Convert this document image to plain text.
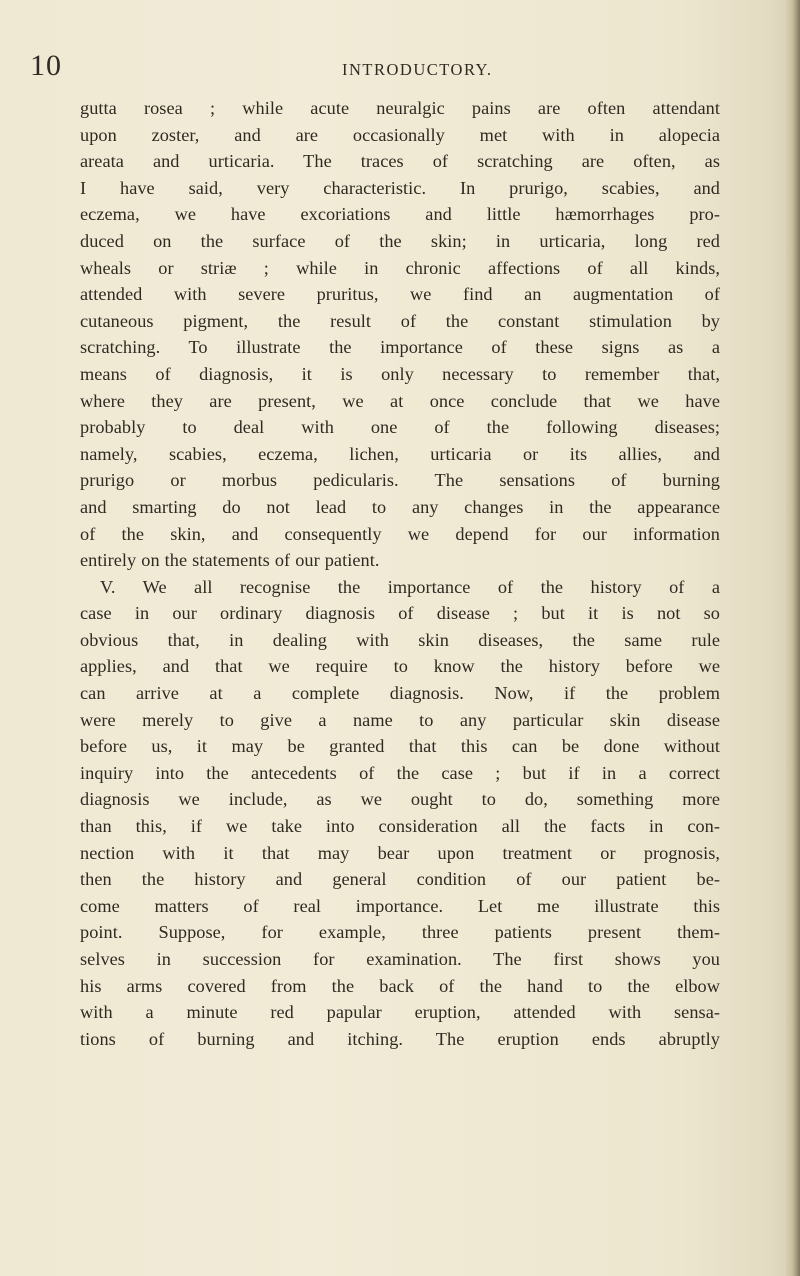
10	INTRODUCTORY.
gutta rosea ; while acute neuralgic pains are often attendant
upon zoster, and are occasionally met with in alopecia
areata and urticaria. The traces of scratching are often, as
I have said, very characteristic. In prurigo, scabies, and
eczema, we have excoriations and little hæmorrhages pro-
duced on the surface of the skin; in urticaria, long red
wheals or striæ ; while in chronic affections of all kinds,
attended with severe pruritus, we find an augmentation of
cutaneous pigment, the result of the constant stimulation by
scratching. To illustrate the importance of these signs as a
means of diagnosis, it is only necessary to remember that,
where they are present, we at once conclude that we have
probably to deal with one of the following diseases;
namely, scabies, eczema, lichen, urticaria or its allies, and
prurigo or morbus pedicularis. The sensations of burning
and smarting do not lead to any changes in the appearance
of the skin, and consequently we depend for our information
entirely on the statements of our patient.
V. We all recognise the importance of the history of a
case in our ordinary diagnosis of disease ; but it is not so
obvious that, in dealing with skin diseases, the same rule
applies, and that we require to know the history before we
can arrive at a complete diagnosis. Now, if the problem
were merely to give a name to any particular skin disease
before us, it may be granted that this can be done without
inquiry into the antecedents of the case ; but if in a correct
diagnosis we include, as we ought to do, something more
than this, if we take into consideration all the facts in con-
nection with it that may bear upon treatment or prognosis,
then the history and general condition of our patient be-
come matters of real importance. Let me illustrate this
point. Suppose, for example, three patients present them-
selves in succession for examination. The first shows you
his arms covered from the back of the hand to the elbow
with a minute red papular eruption, attended with sensa-
tions of burning and itching. The eruption ends abruptly
